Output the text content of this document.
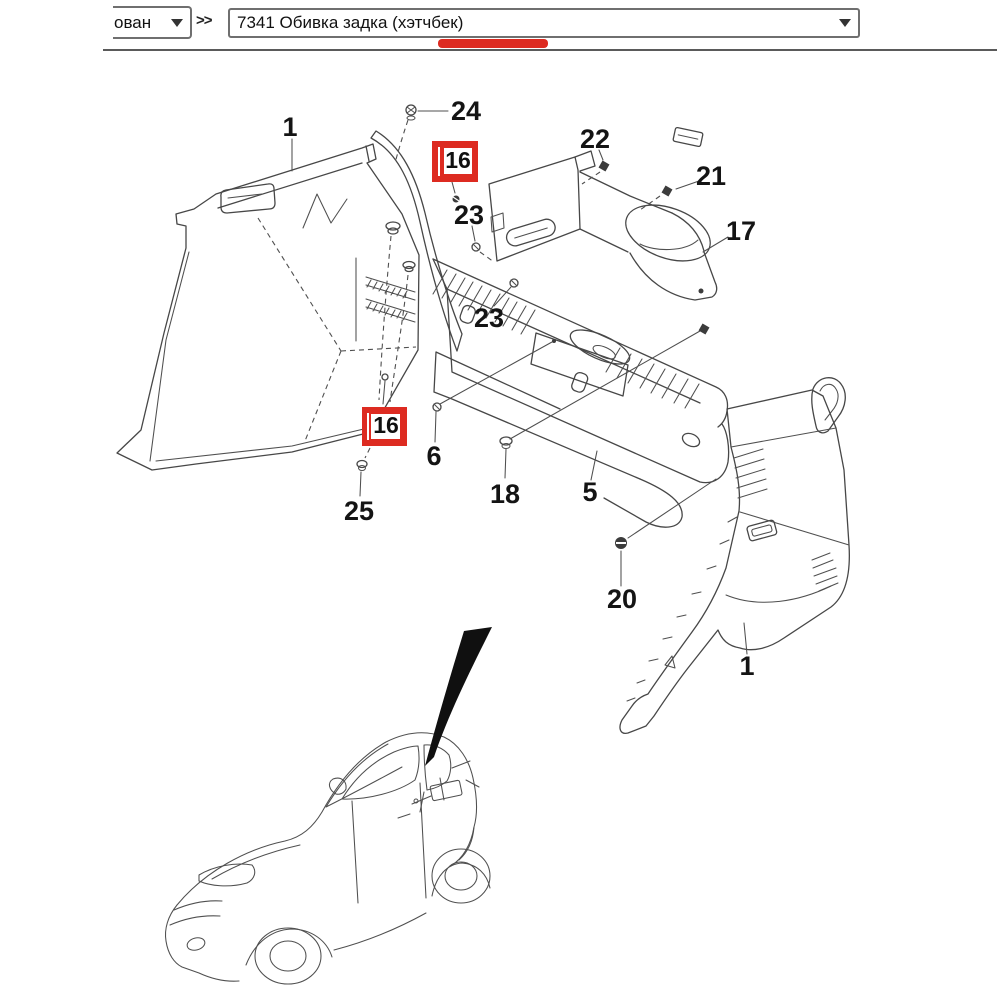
ован	>>	7341 Обивка задка (хэтчбек)
16
16
1
24
22
21
17
23
23
6
18 5
25
20
1
